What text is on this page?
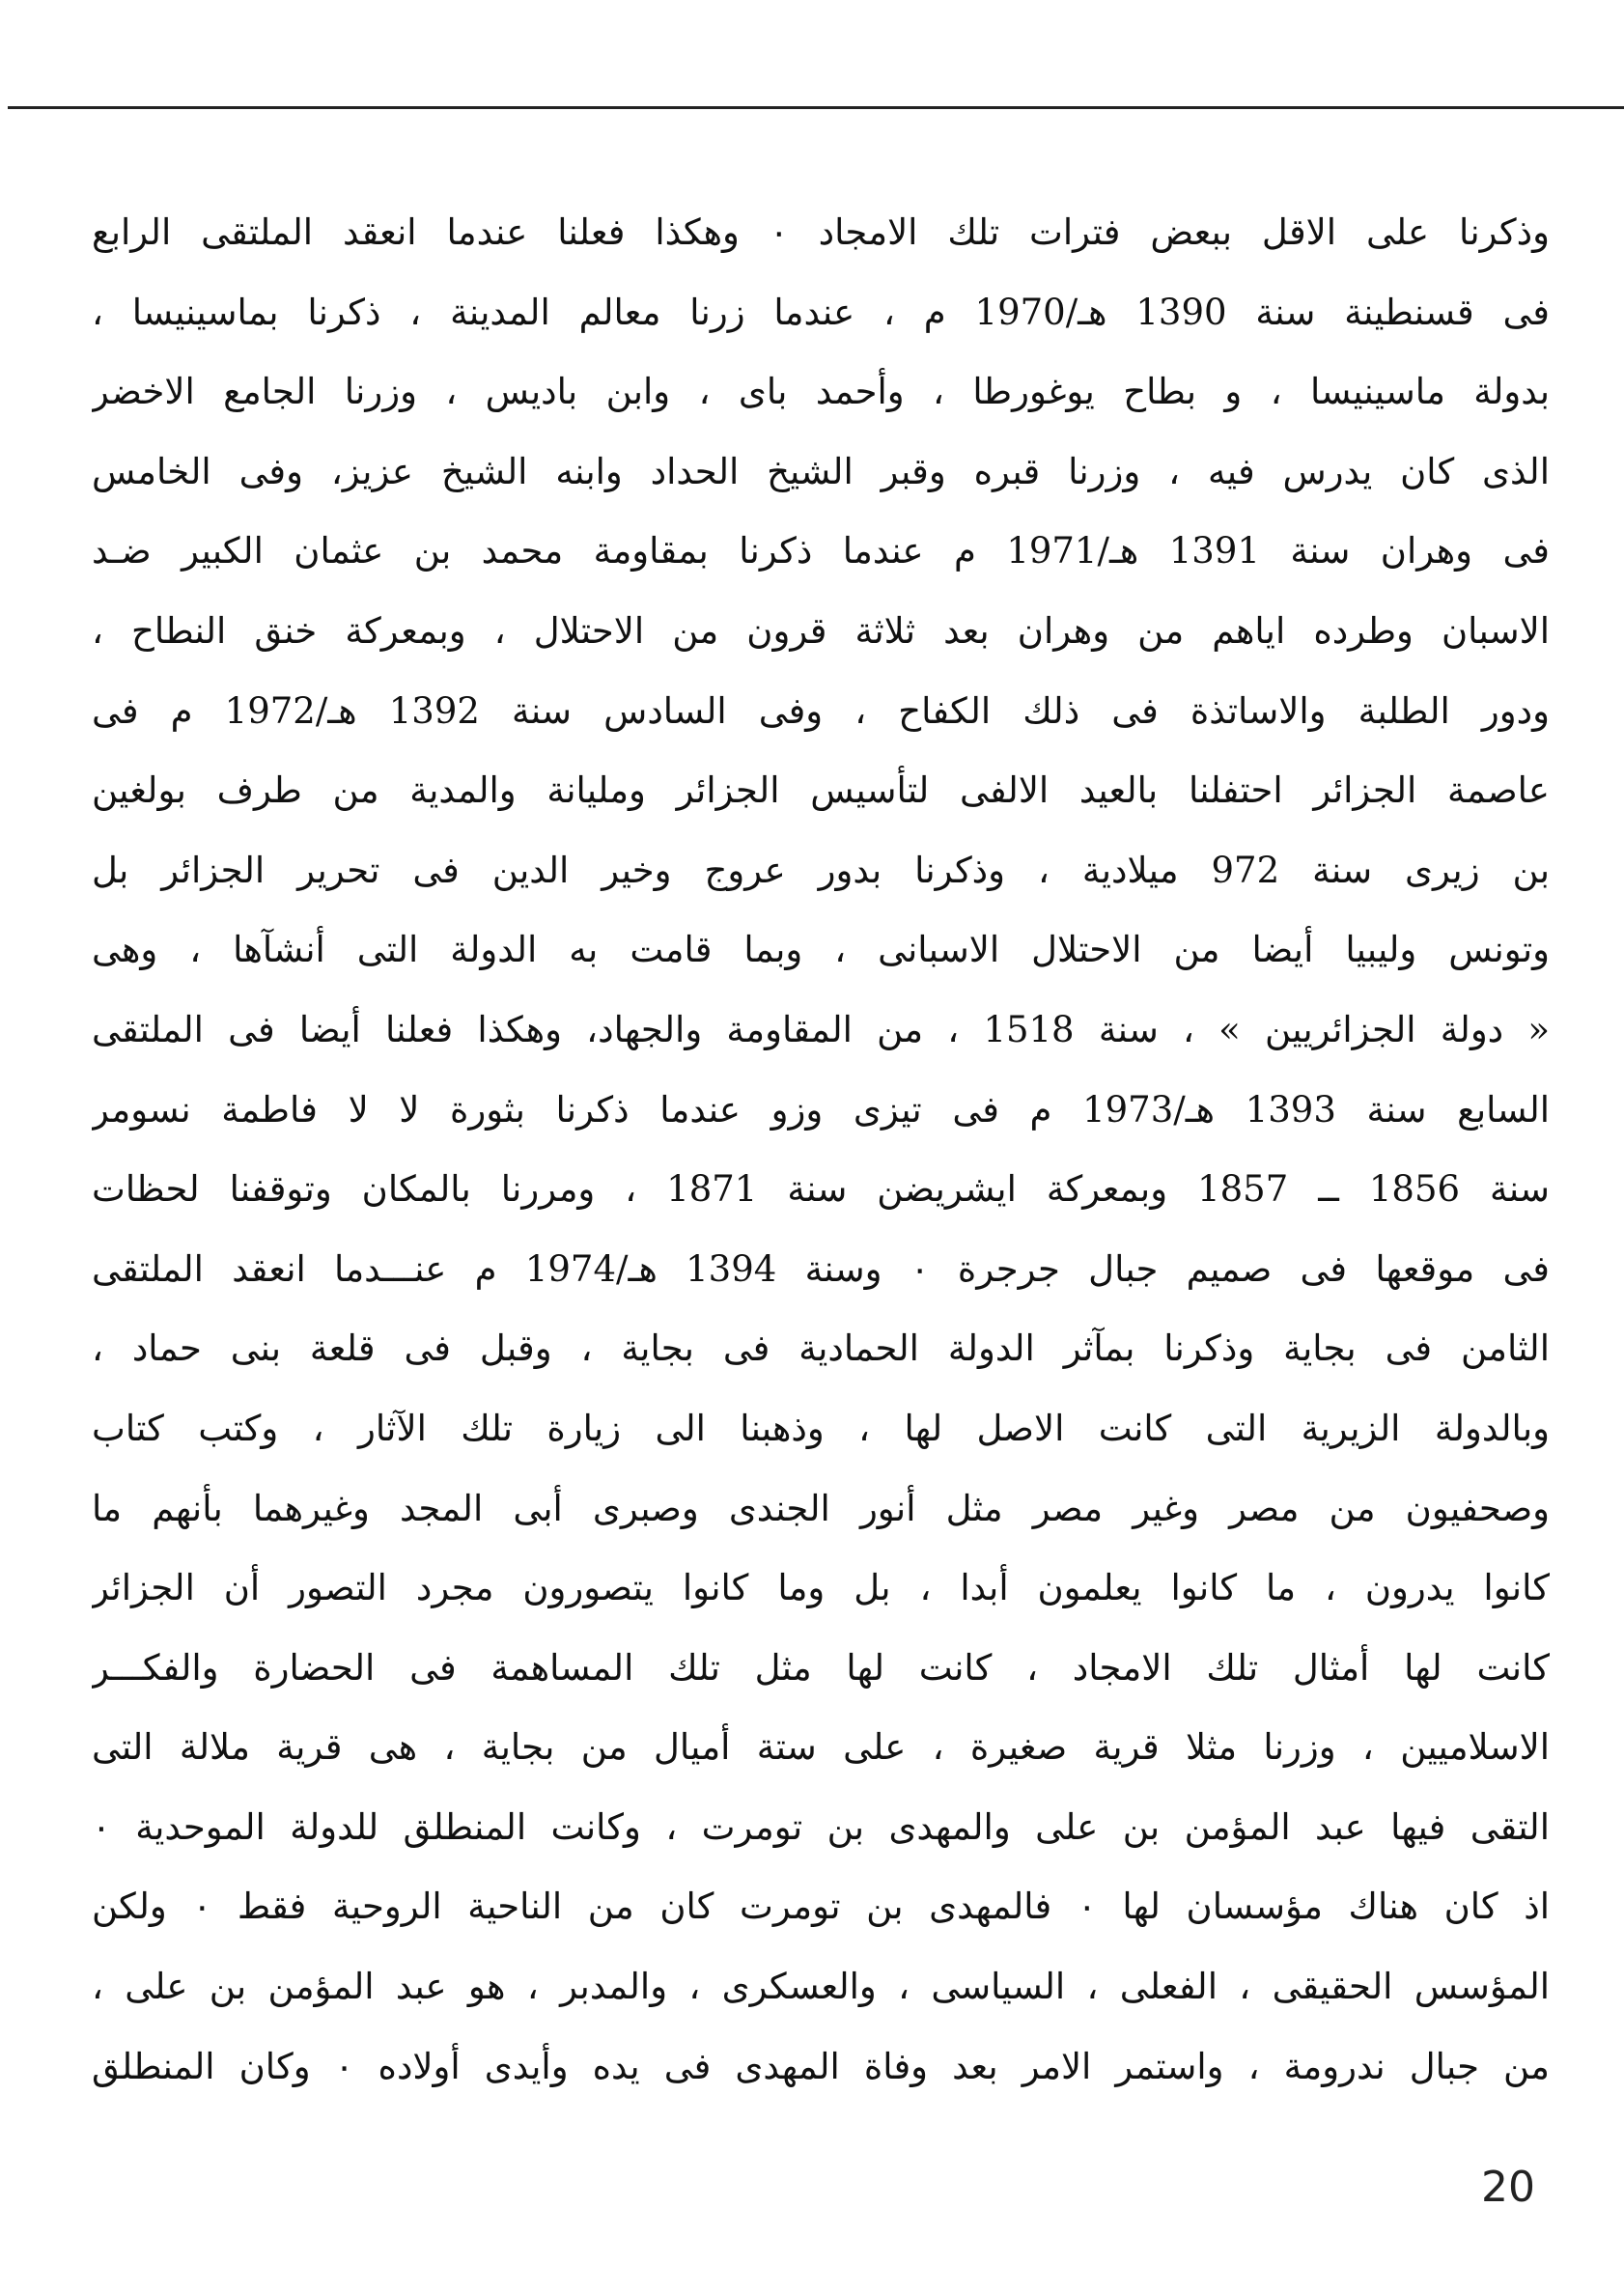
وذكرنا على الاقل ببعض فترات تلك الامجاد ٠ وهكذا فعلنا عندما انعقد الملتقى الرابع
فى قسنطينة سنة 1390 هـ/1970 م ، عندما زرنا معالم المدينة ، ذكرنا بماسينيسا ،
بدولة ماسينيسا ، و بطاح يوغورطا ، وأحمد باى ، وابن باديس ، وزرنا الجامع الاخضر
الذى كان يدرس فيه ، وزرنا قبره وقبر الشيخ الحداد وابنه الشيخ عزيز، وفى الخامس
فى وهران سنة 1391 هـ/1971 م عندما ذكرنا بمقاومة محمد بن عثمان الكبير ضـد
الاسبان وطرده اياهم من وهران بعد ثلاثة قرون من الاحتلال ، وبمعركة خنق النطاح ،
ودور الطلبة والاساتذة فى ذلك الكفاح ، وفى السادس سنة 1392 هـ/1972 م فى
عاصمة الجزائر احتفلنا بالعيد الالفى لتأسيس الجزائر ومليانة والمدية من طرف بولغين
بن زيرى سنة 972 ميلادية ، وذكرنا بدور عروج وخير الدين فى تحرير الجزائر بل
وتونس وليبيا أيضا من الاحتلال الاسبانى ، وبما قامت به الدولة التى أنشآها ، وهى
« دولة الجزائريين » ، سنة 1518 ، من المقاومة والجهاد، وهكذا فعلنا أيضا فى الملتقى
السابع سنة 1393 هـ/1973 م فى تيزى وزو عندما ذكرنا بثورة لا لا فاطمة نسومر
سنة 1856 ــ 1857 وبمعركة ايشريضن سنة 1871 ، ومررنا بالمكان وتوقفنا لحظات
فى موقعها فى صميم جبال جرجرة ٠ وسنة 1394 هـ/1974 م عنـــدما انعقد الملتقى
الثامن فى بجاية وذكرنا بمآثر الدولة الحمادية فى بجاية ، وقبل فى قلعة بنى حماد ،
وبالدولة الزيرية التى كانت الاصل لها ، وذهبنا الى زيارة تلك الآثار ، وكتب كتاب
وصحفيون من مصر وغير مصر مثل أنور الجندى وصبرى أبى المجد وغيرهما بأنهم ما
كانوا يدرون ، ما كانوا يعلمون أبدا ، بل وما كانوا يتصورون مجرد التصور أن الجزائر
كانت لها أمثال تلك الامجاد ، كانت لها مثل تلك المساهمة فى الحضارة والفكـــر
الاسلاميين ، وزرنا مثلا قرية صغيرة ، على ستة أميال من بجاية ، هى قرية ملالة التى
التقى فيها عبد المؤمن بن على والمهدى بن تومرت ، وكانت المنطلق للدولة الموحدية ٠
اذ كان هناك مؤسسان لها ٠ فالمهدى بن تومرت كان من الناحية الروحية فقط ٠ ولكن
المؤسس الحقيقى ، الفعلى ، السياسى ، والعسكرى ، والمدبر ، هو عبد المؤمن بن على ،
من جبال ندرومة ، واستمر الامر بعد وفاة المهدى فى يده وأيدى أولاده ٠ وكان المنطلق
20
